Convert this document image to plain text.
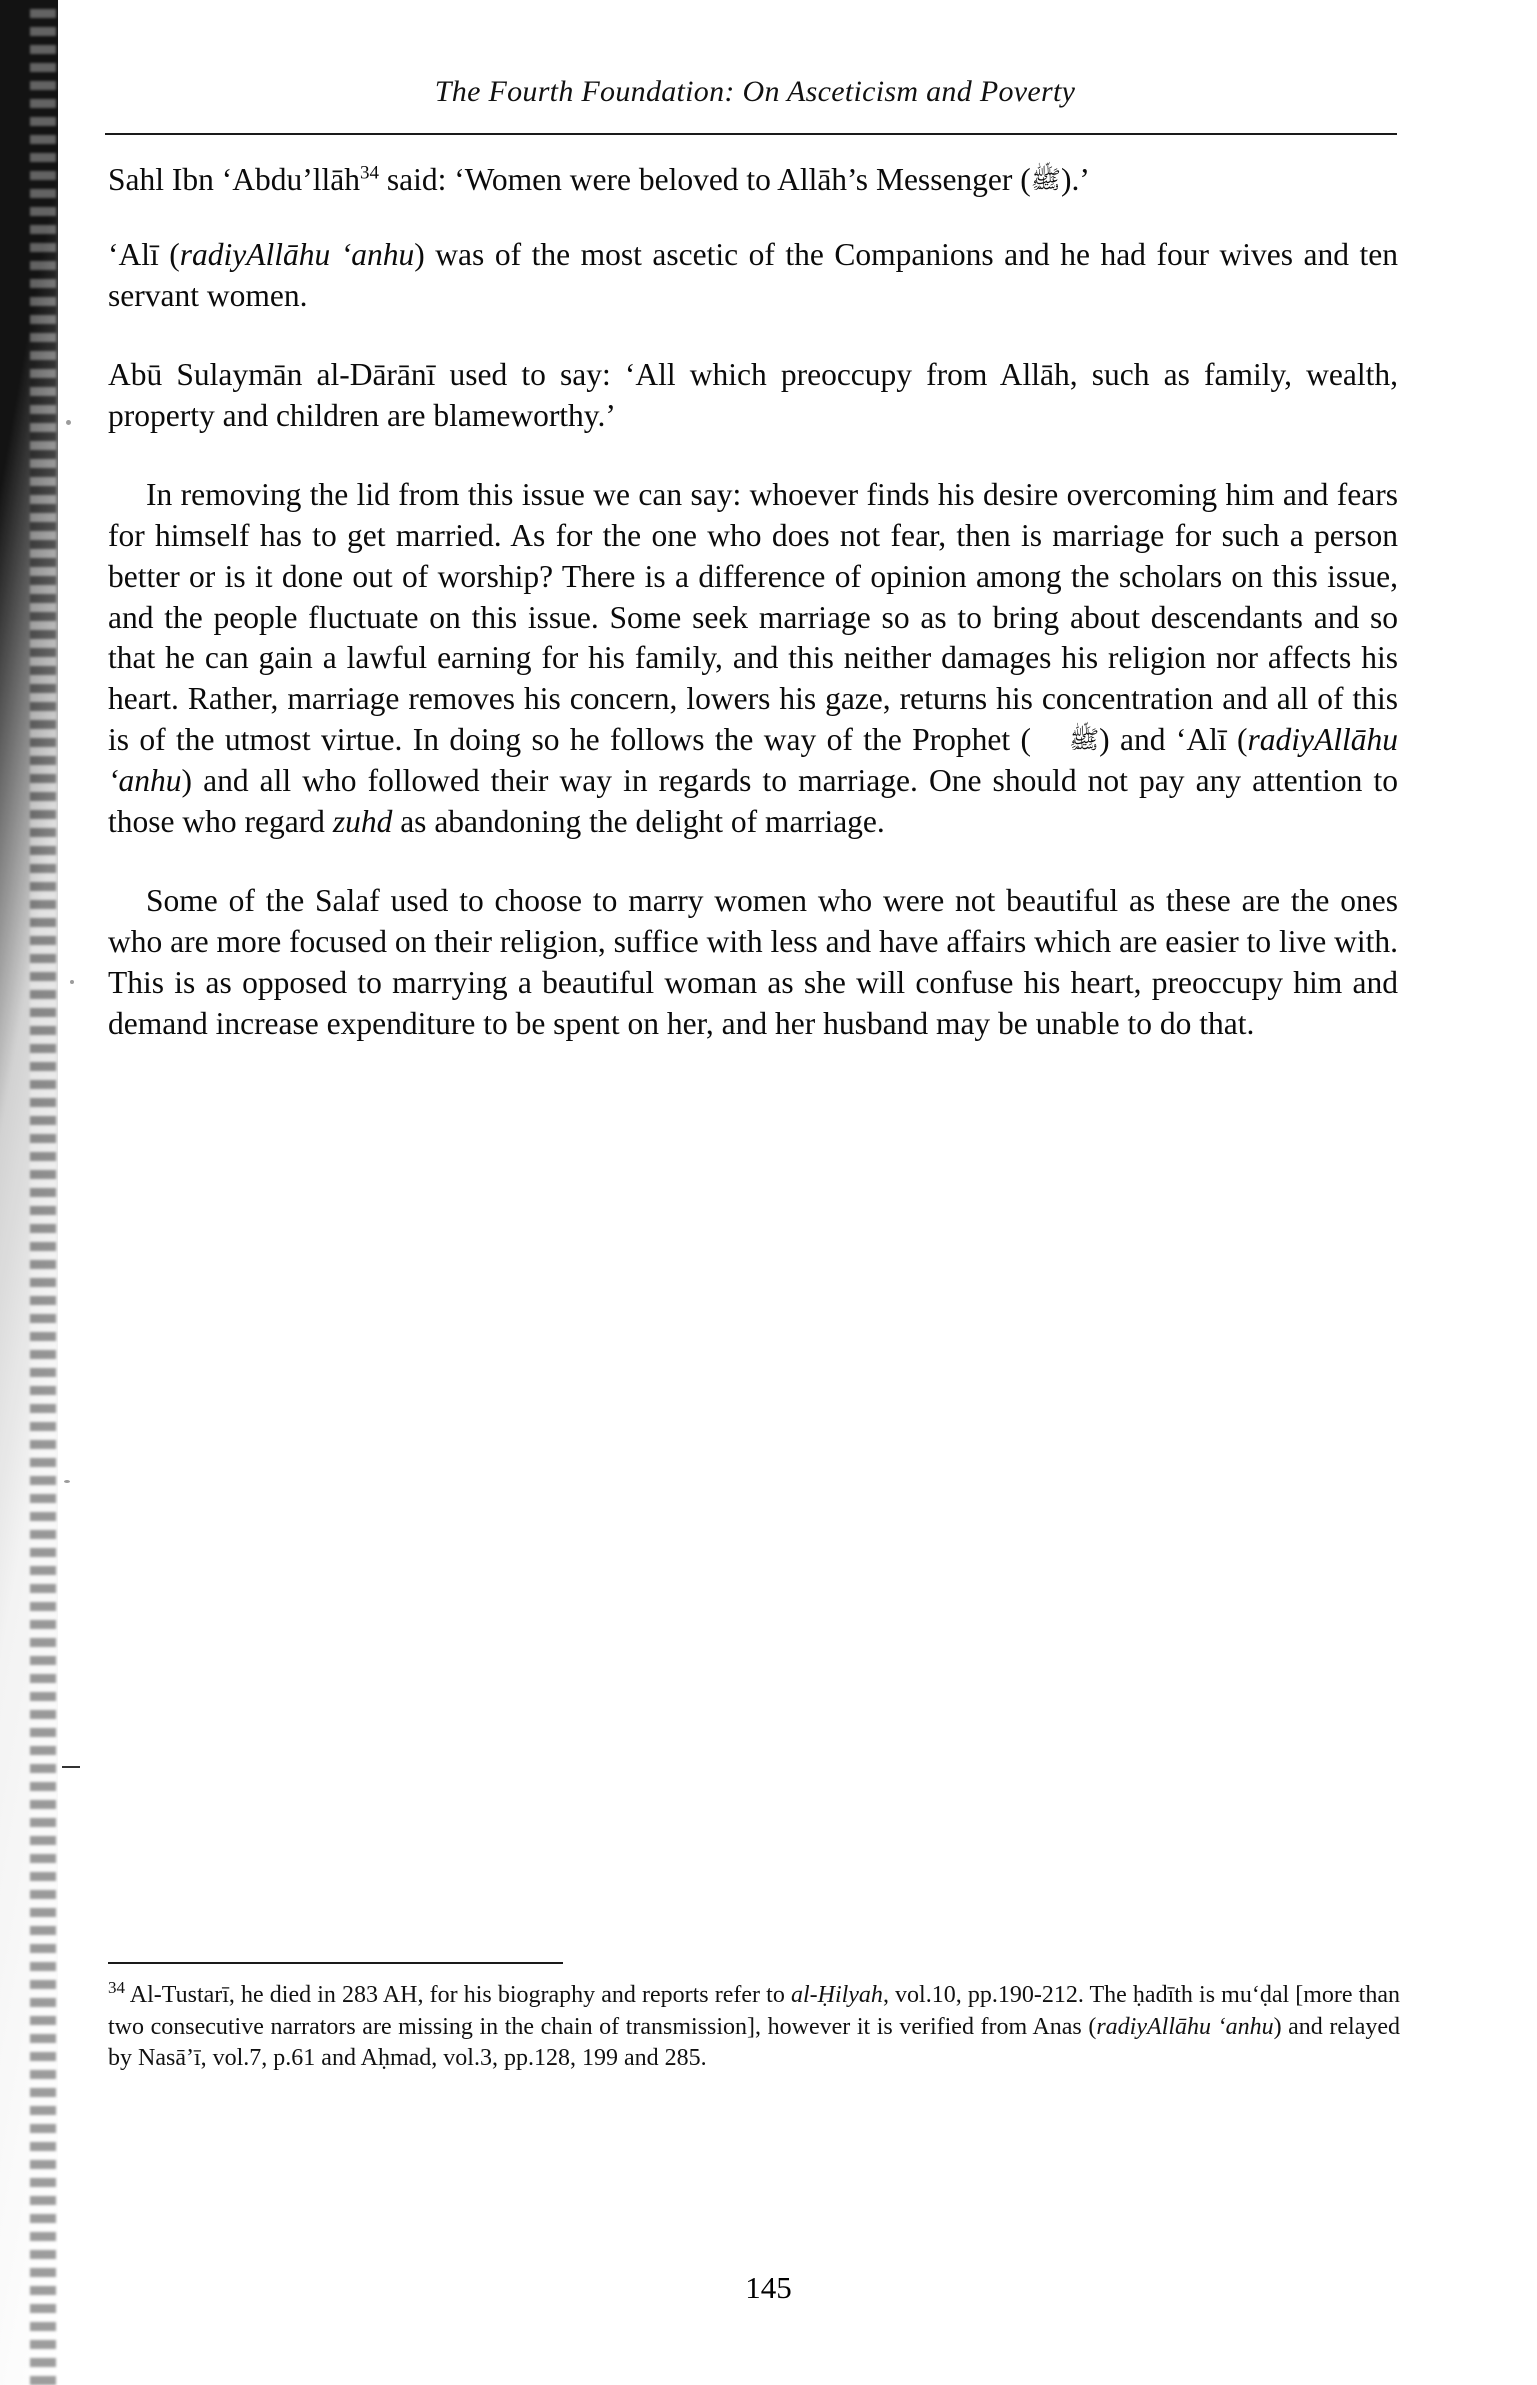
The Fourth Foundation: On Asceticism and Poverty

Sahl Ibn ‘Abdu’llāh$^{34}$ said: ‘Women were beloved to Allāh’s Messenger (ﷺ).’

‘Alī (radiyAllāhu ‘anhu) was of the most ascetic of the Companions and he had four wives and ten servant women.

Abū Sulaymān al-Dārānī used to say: ‘All which preoccupy from Allāh, such as family, wealth, property and children are blameworthy.’

In removing the lid from this issue we can say: whoever finds his desire overcoming him and fears for himself has to get married. As for the one who does not fear, then is marriage for such a person better or is it done out of worship? There is a difference of opinion among the scholars on this issue, and the people fluctuate on this issue. Some seek marriage so as to bring about descendants and so that he can gain a lawful earning for his family, and this neither damages his religion nor affects his heart. Rather, marriage removes his concern, lowers his gaze, returns his concentration and all of this is of the utmost virtue. In doing so he follows the way of the Prophet ( ﷺ) and ‘Alī (radiyAllāhu ‘anhu) and all who followed their way in regards to marriage. One should not pay any attention to those who regard zuhd as abandoning the delight of marriage.

Some of the Salaf used to choose to marry women who were not beautiful as these are the ones who are more focused on their religion, suffice with less and have affairs which are easier to live with. This is as opposed to marrying a beautiful woman as she will confuse his heart, preoccupy him and demand increase expenditure to be spent on her, and her husband may be unable to do that.

$^{34}$ Al-Tustarī, he died in 283 AH, for his biography and reports refer to al-Ḥilyah, vol.10, pp.190-212. The ḥadīth is mu‘ḍal [more than two consecutive narrators are missing in the chain of transmission], however it is verified from Anas (radiyAllāhu ‘anhu) and relayed by Nasā’ī, vol.7, p.61 and Aḥmad, vol.3, pp.128, 199 and 285.
145
